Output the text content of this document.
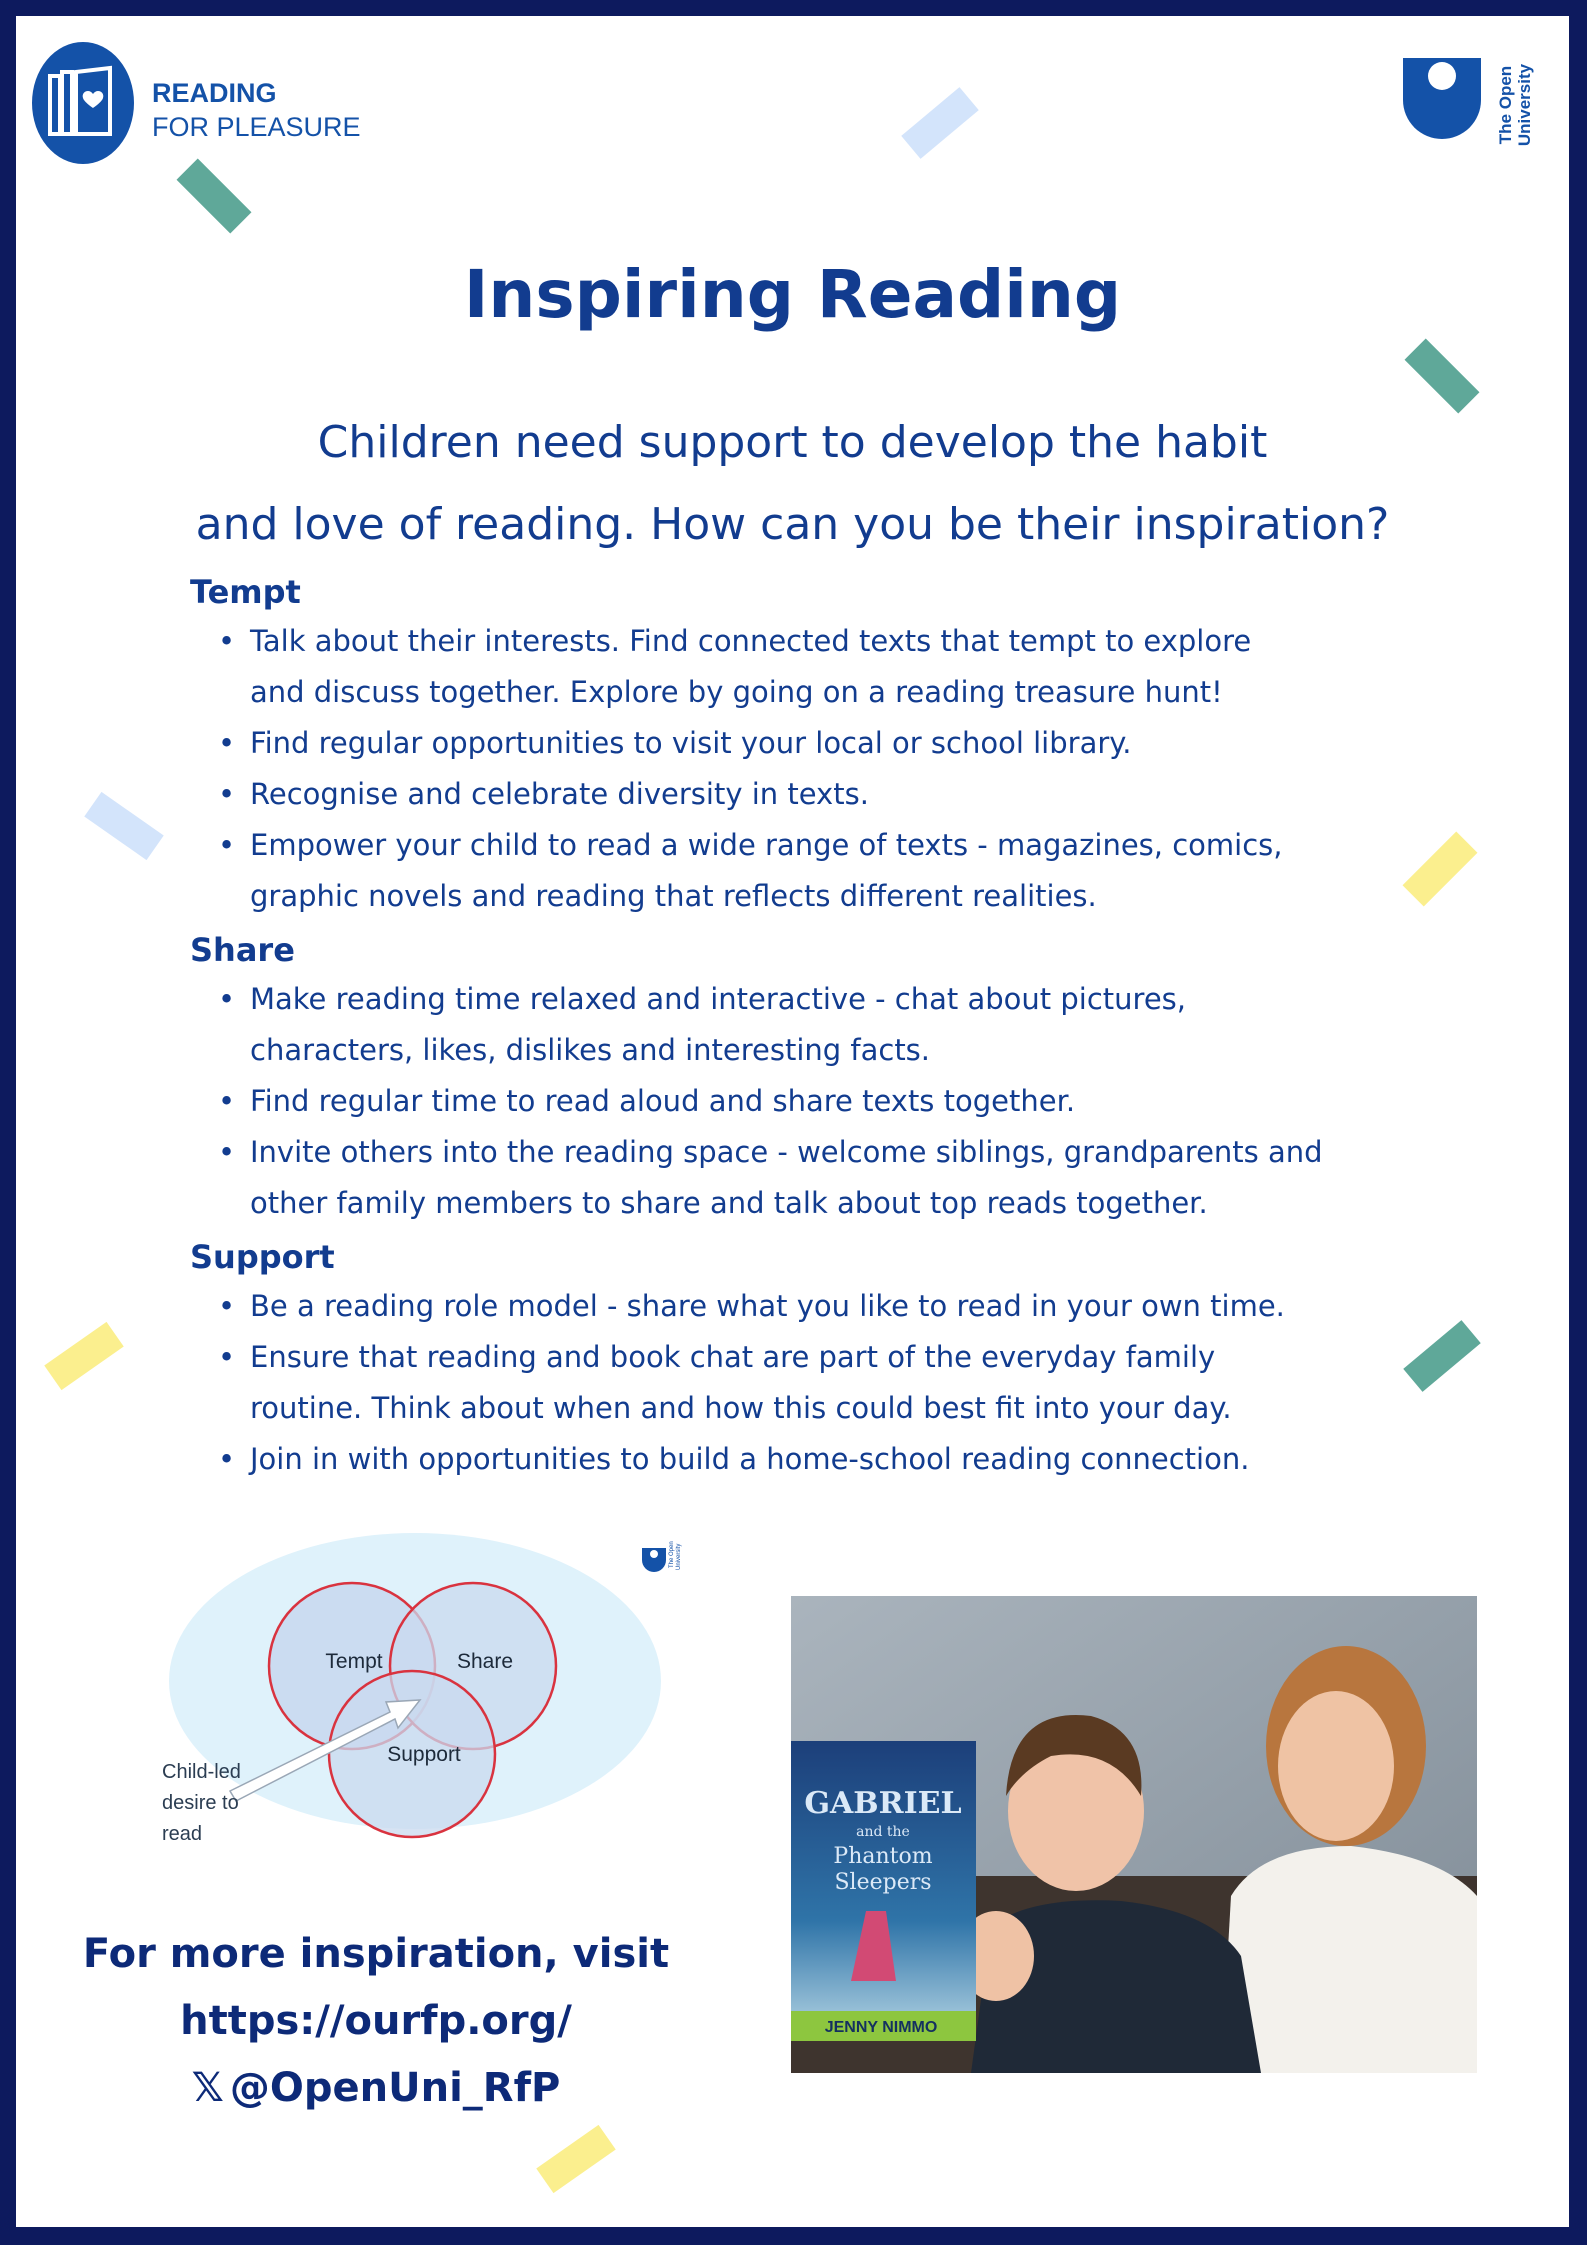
READING
FOR PLEASURE	The Open University
Inspiring Reading
Children need support to develop the habit
and love of reading. How can you be their inspiration?
Tempt
• Talk about their interests. Find connected texts that tempt to explore
and discuss together. Explore by going on a reading treasure hunt!
• Find regular opportunities to visit your local or school library.
• Recognise and celebrate diversity in texts.
• Empower your child to read a wide range of texts - magazines, comics,
graphic novels and reading that reflects different realities.
Share
• Make reading time relaxed and interactive - chat about pictures,
characters, likes, dislikes and interesting facts.
• Find regular time to read aloud and share texts together.
• Invite others into the reading space - welcome siblings, grandparents and
other family members to share and talk about top reads together.
Support
• Be a reading role model - share what you like to read in your own time.
• Ensure that reading and book chat are part of the everyday family
routine. Think about when and how this could best fit into your day.
• Join in with opportunities to build a home-school reading connection.
Tempt	Share
Support
Child-led
desire to
read
The Open University
For more inspiration, visit
https://ourfp.org/
𝕏 @OpenUni_RfP
GABRIEL
and the
Phantom
Sleepers
JENNY NIMMO
